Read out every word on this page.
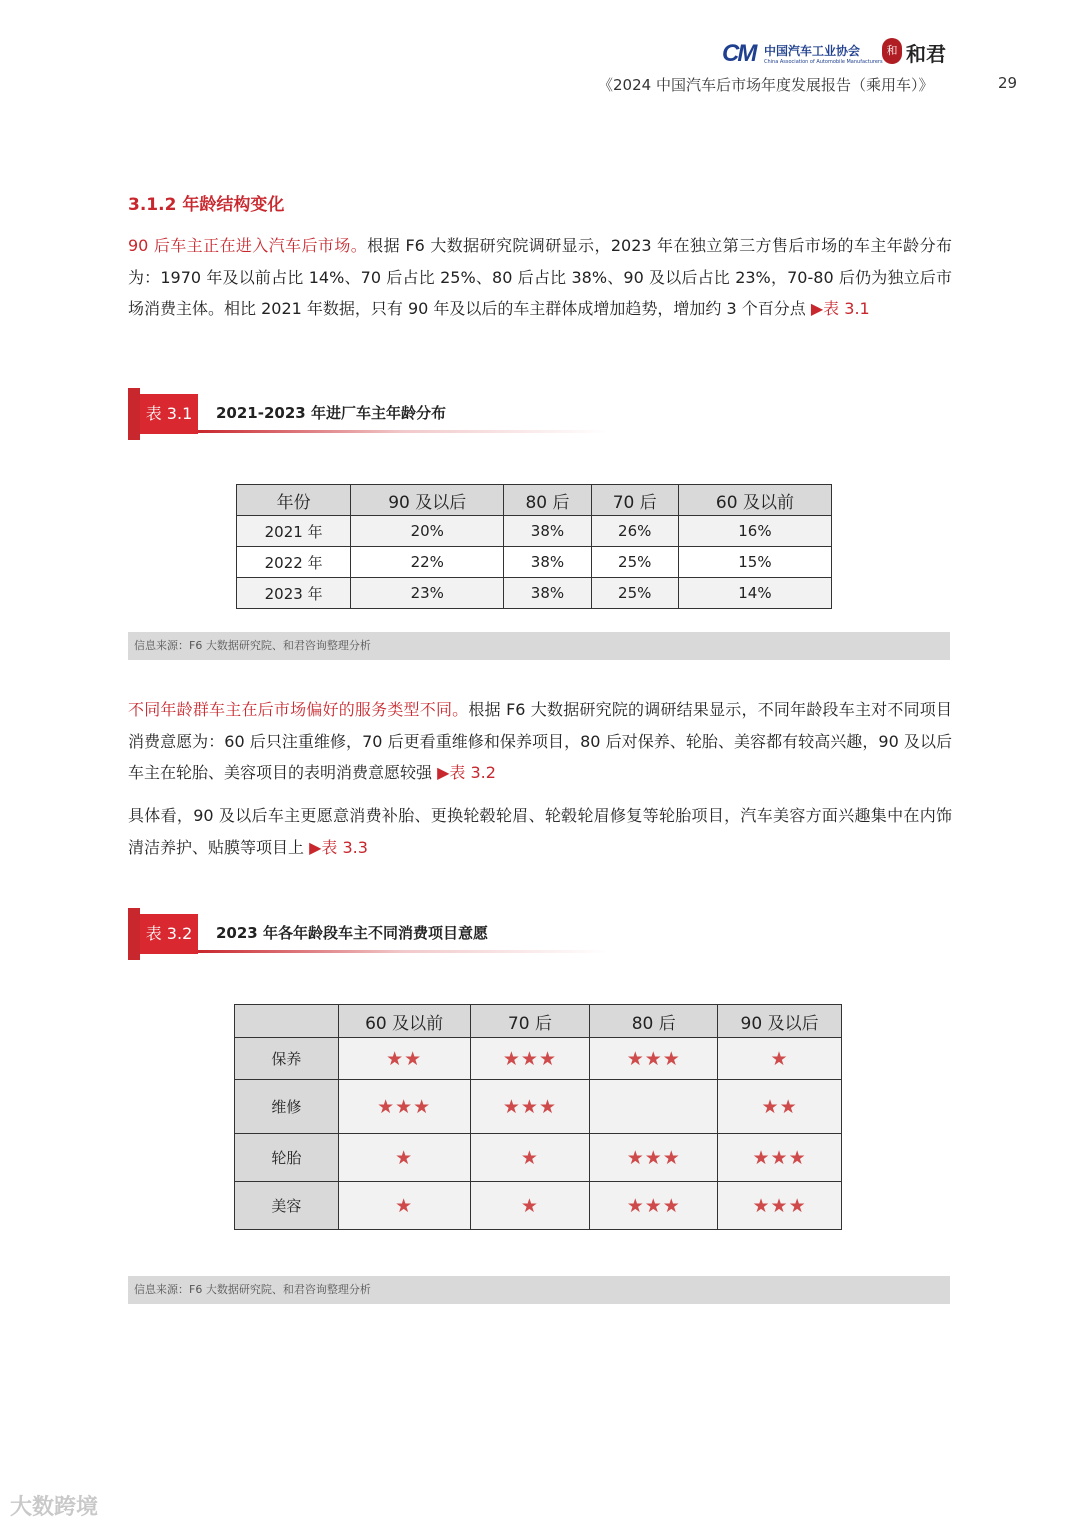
CM 中国汽车工业协会
China Association of Automobile Manufacturers
和 和君
《2024 中国汽车后市场年度发展报告（乘用车）》	29
3.1.2 年龄结构变化
90 后车主正在进入汽车后市场。根据 F6 大数据研究院调研显示，2023 年在独立第三方售后市场的车主年龄分布为：1970 年及以前占比 14%、70 后占比 25%、80 后占比 38%、90 及以后占比 23%，70-80 后仍为独立后市场消费主体。相比 2021 年数据，只有 90 年及以后的车主群体成增加趋势，增加约 3 个百分点 ▶表 3.1
表 3.1	2021-2023 年进厂车主年龄分布
年份	90 及以后	80 后	70 后	60 及以前
2021 年	20%	38%	26%	16%
2022 年	22%	38%	25%	15%
2023 年	23%	38%	25%	14%
信息来源：F6 大数据研究院、和君咨询整理分析
不同年龄群车主在后市场偏好的服务类型不同。根据 F6 大数据研究院的调研结果显示，不同年龄段车主对不同项目消费意愿为：60 后只注重维修，70 后更看重维修和保养项目，80 后对保养、轮胎、美容都有较高兴趣，90 及以后车主在轮胎、美容项目的表明消费意愿较强 ▶表 3.2
具体看，90 及以后车主更愿意消费补胎、更换轮毂轮眉、轮毂轮眉修复等轮胎项目，汽车美容方面兴趣集中在内饰清洁养护、贴膜等项目上 ▶表 3.3
表 3.2	2023 年各年龄段车主不同消费项目意愿
	60 及以前	70 后	80 后	90 及以后
保养	★★	★★★	★★★	★
维修	★★★	★★★		★★
轮胎	★	★	★★★	★★★
美容	★	★	★★★	★★★
信息来源：F6 大数据研究院、和君咨询整理分析
大数跨境
